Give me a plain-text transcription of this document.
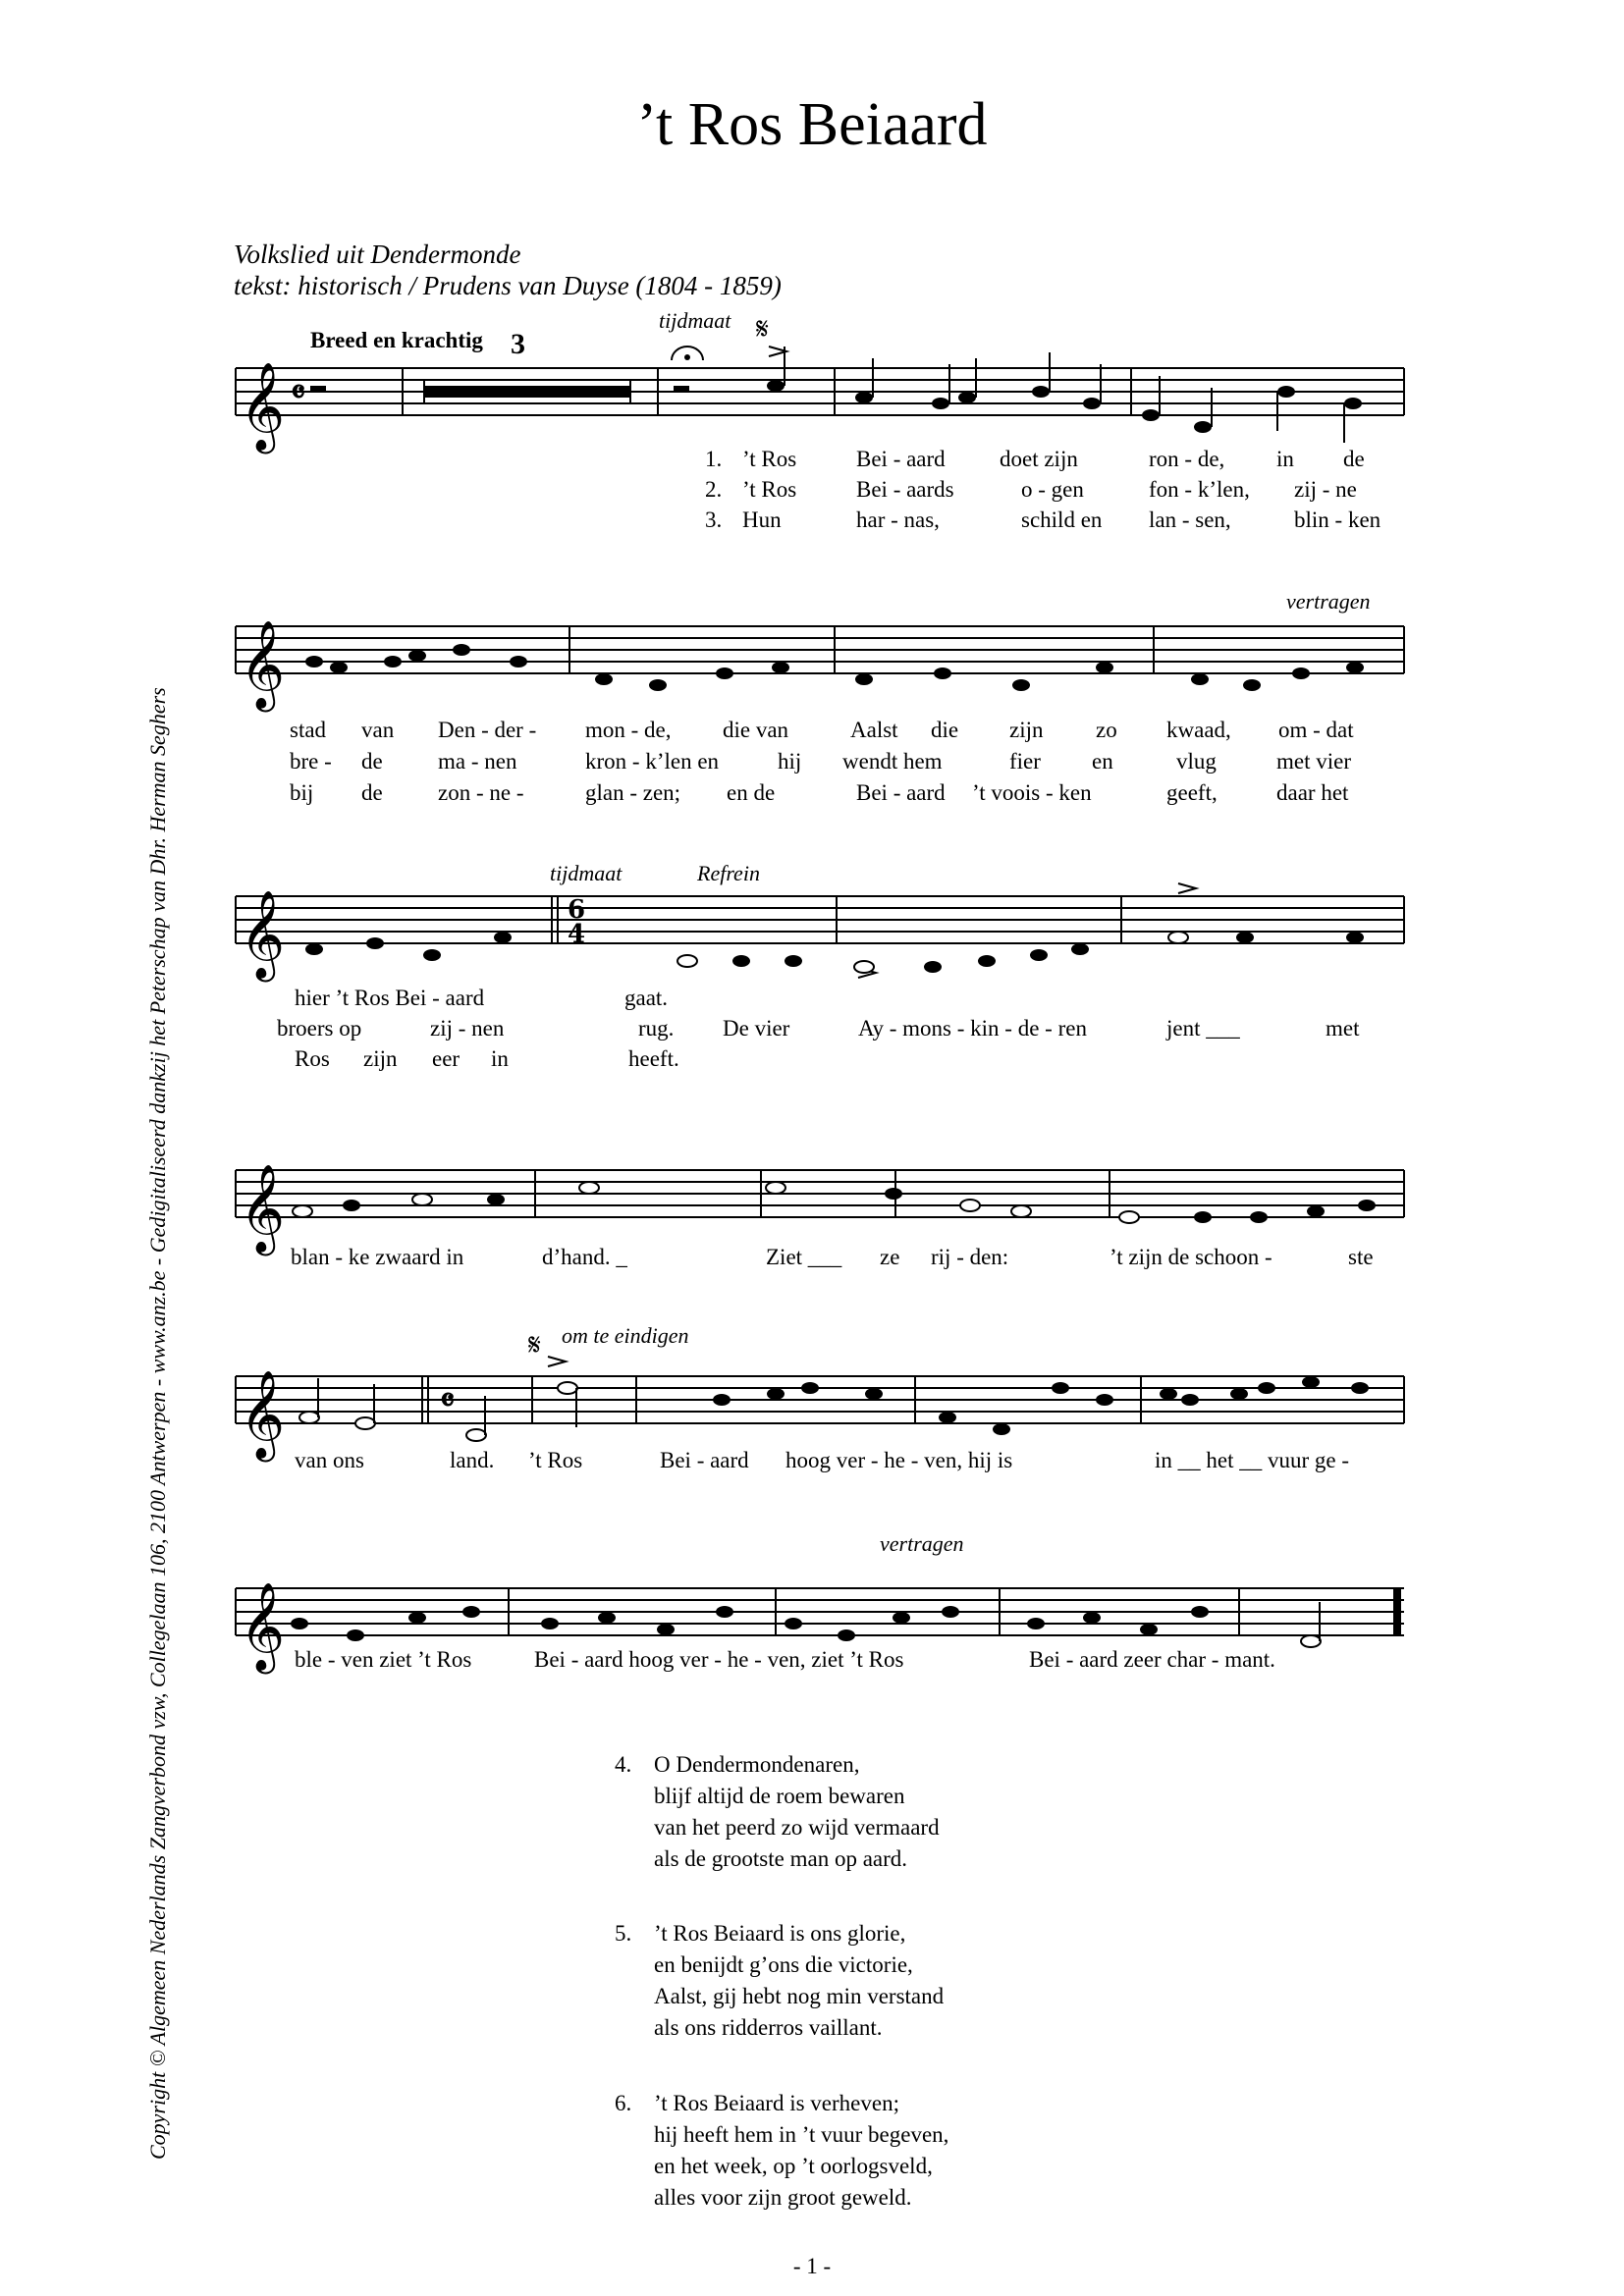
’t Ros Beiaard
Volkslied uit Dendermonde
tekst: historisch / Prudens van Duyse (1804 - 1859)
𝄞
𝄞
𝄞
𝄞
𝄞
𝄞
𝄴
6
4
𝄴
𝄋
𝄋
Breed en krachtig 3
tijdmaat
vertragen
tijdmaat	Refrein
om te eindigen
vertragen
1. ’t Ros	Bei - aard doet zijn	ron - de, in de
2. ’t Ros	Bei - aards	o - gen	fon - k’len, zij - ne
3. Hun	har - nas,	schild en lan - sen,	blin - ken
stad van Den - der - mon - de, die van	Aalst die zijn zo kwaad, om - dat
bre - de ma - nen	kron - k’len en	hij wendt hem	fier en	vlug	met vier
bij de zon - ne -	glan - zen; en de	Bei - aard ’t voois - ken	geeft,	daar het
hier ’t Ros Bei - aard	gaat.
broers op	zij - nen	rug. De vier	Ay - mons - kin - de - ren	jent ___	met
Ros zijn eer in	heeft.
blan - ke zwaard in	d’hand. _	Ziet ___ ze rij - den:	’t zijn de schoon -	ste
van ons	land. ’t Ros	Bei - aard hoog ver - he - ven, hij is	in __ het __ vuur ge -
ble - ven ziet ’t Ros	Bei - aard hoog ver - he - ven, ziet ’t Ros	Bei - aard zeer char - mant.
4. O Dendermondenaren,
blijf altijd de roem bewaren
van het peerd zo wijd vermaard
als de grootste man op aard.
5. ’t Ros Beiaard is ons glorie,
en benijdt g’ons die victorie,
Aalst, gij hebt nog min verstand
als ons ridderros vaillant.
6. ’t Ros Beiaard is verheven;
hij heeft hem in ’t vuur begeven,
en het week, op ’t oorlogsveld,
alles voor zijn groot geweld.
Copyright © Algemeen Nederlands Zangverbond vzw, Collegelaan 106, 2100 Antwerpen - www.anz.be - Gedigitaliseerd dankzij het Peterschap van Dhr. Herman Seghers
- 1 -
